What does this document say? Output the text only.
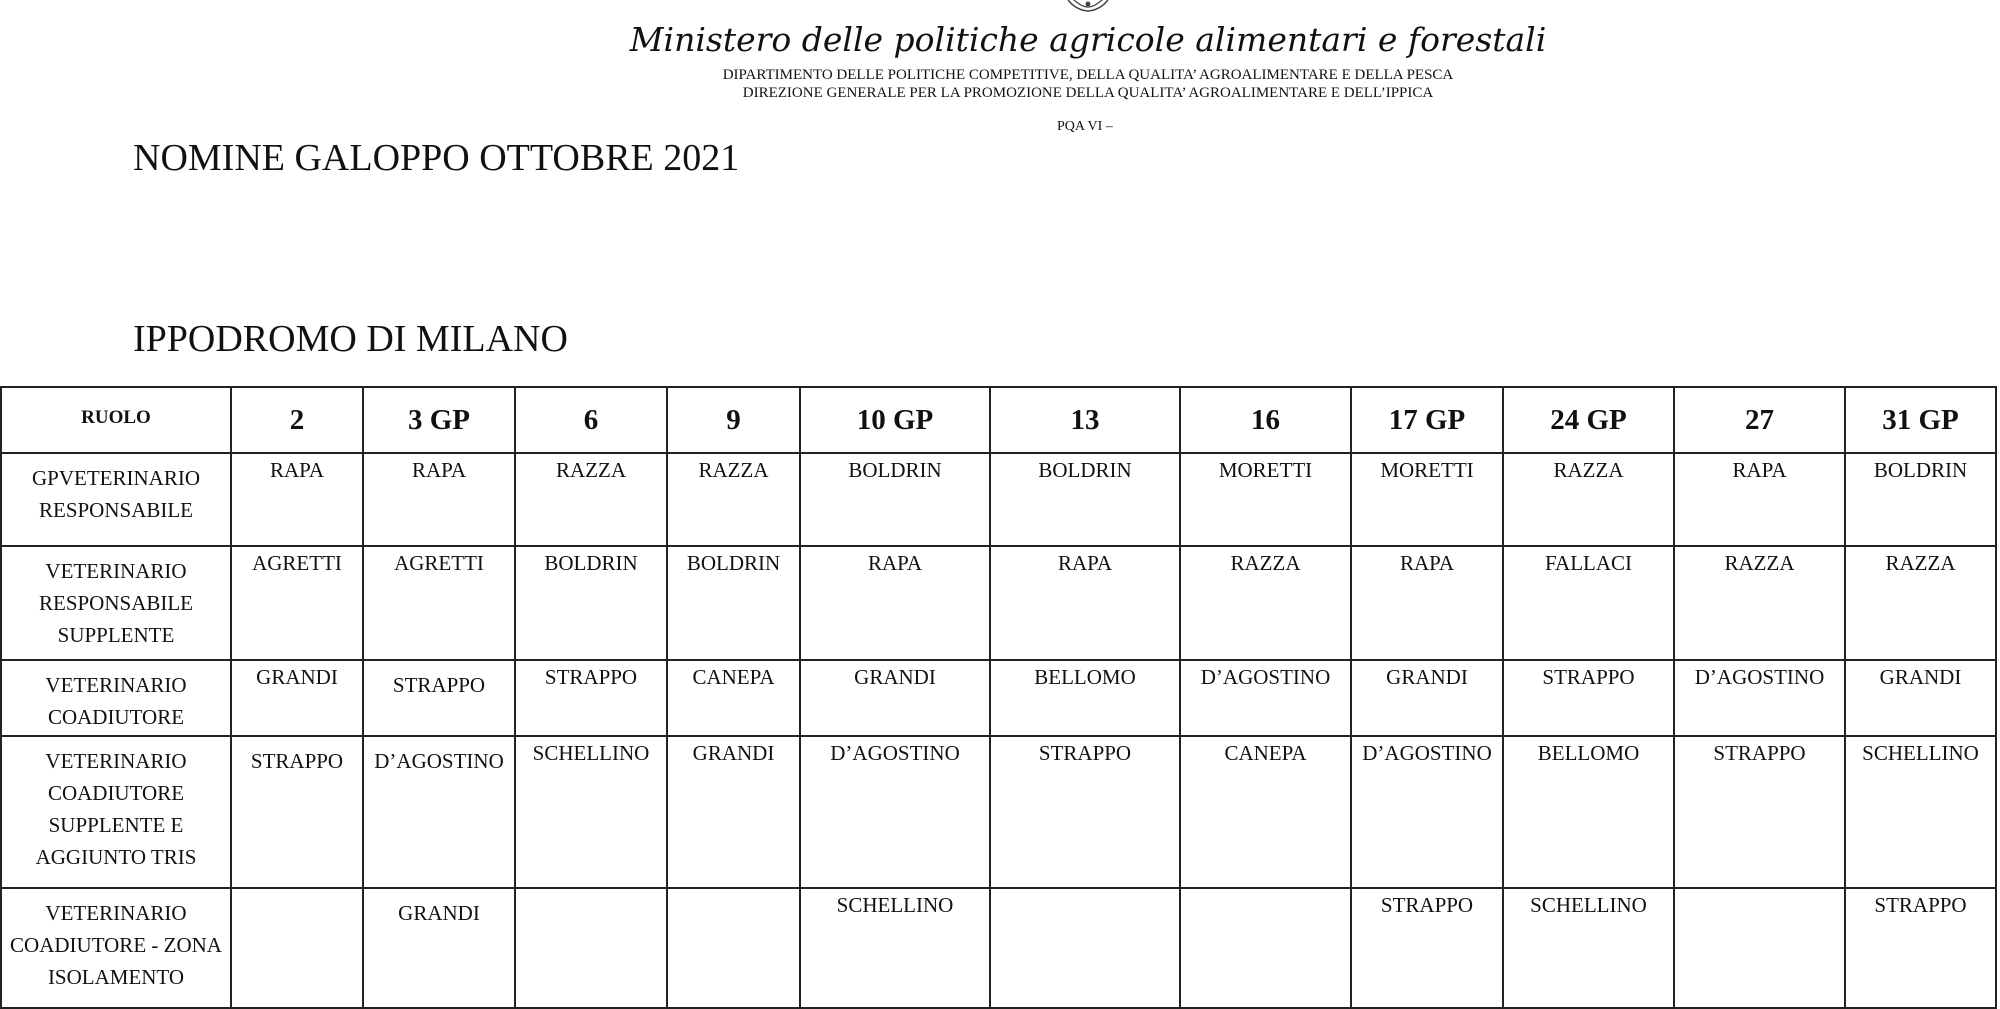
Ministero delle politiche agricole alimentari e forestali
DIPARTIMENTO DELLE POLITICHE COMPETITIVE, DELLA QUALITA’ AGROALIMENTARE E DELLA PESCA
DIREZIONE GENERALE PER LA PROMOZIONE DELLA QUALITA’ AGROALIMENTARE E DELL’IPPICA
PQA VI –
NOMINE GALOPPO OTTOBRE 2021
IPPODROMO DI MILANO
RUOLO	2	3 GP	6	9	10 GP	13	16	17 GP	24 GP	27	31 GP
GPVETERINARIO RESPONSABILE	RAPA	RAPA	RAZZA	RAZZA	BOLDRIN	BOLDRIN	MORETTI	MORETTI	RAZZA	RAPA	BOLDRIN
VETERINARIO RESPONSABILE SUPPLENTE	AGRETTI	AGRETTI	BOLDRIN	BOLDRIN	RAPA	RAPA	RAZZA	RAPA	FALLACI	RAZZA	RAZZA
VETERINARIO COADIUTORE	GRANDI	STRAPPO	STRAPPO	CANEPA	GRANDI	BELLOMO	D’AGOSTINO	GRANDI	STRAPPO	D’AGOSTINO	GRANDI
VETERINARIO COADIUTORE SUPPLENTE E AGGIUNTO TRIS	STRAPPO	D’AGOSTINO	SCHELLINO	GRANDI	D’AGOSTINO	STRAPPO	CANEPA	D’AGOSTINO	BELLOMO	STRAPPO	SCHELLINO
VETERINARIO COADIUTORE - ZONA ISOLAMENTO		GRANDI			SCHELLINO			STRAPPO	SCHELLINO		STRAPPO
